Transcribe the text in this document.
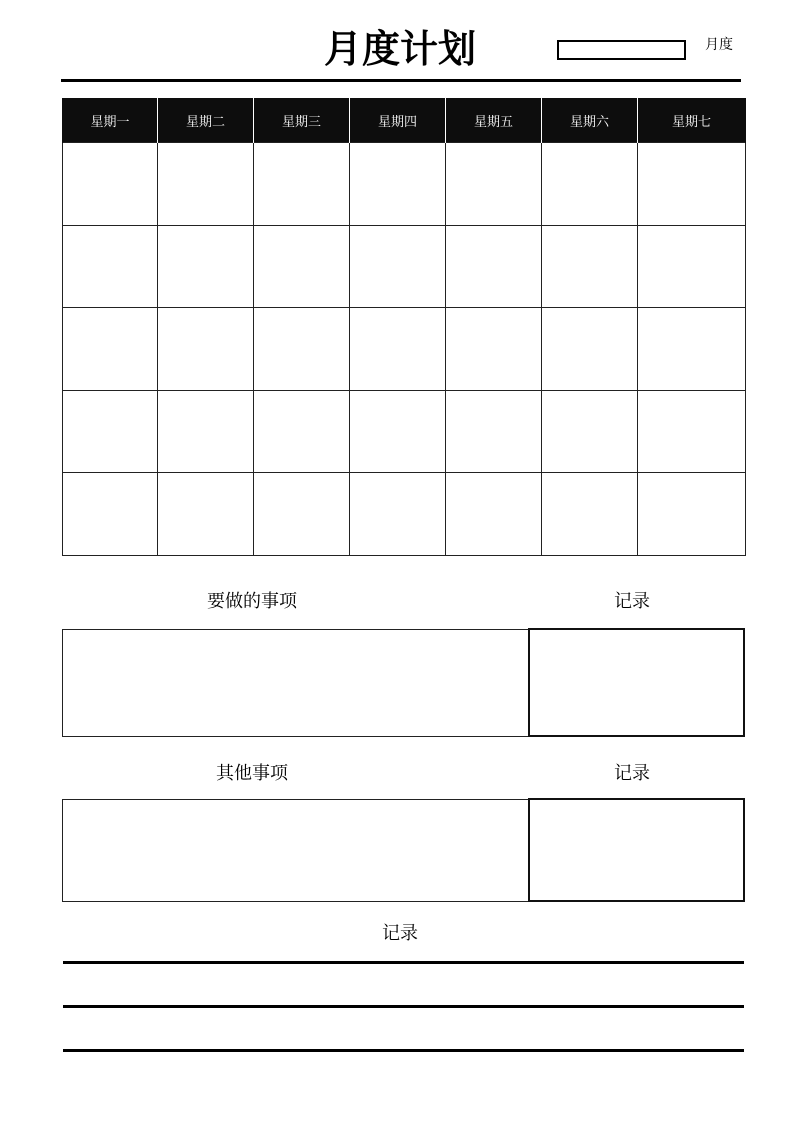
月度计划	月度
星期一	星期二	星期三	星期四	星期五	星期六	星期七

要做的事项	记录
其他事项	记录
记录
